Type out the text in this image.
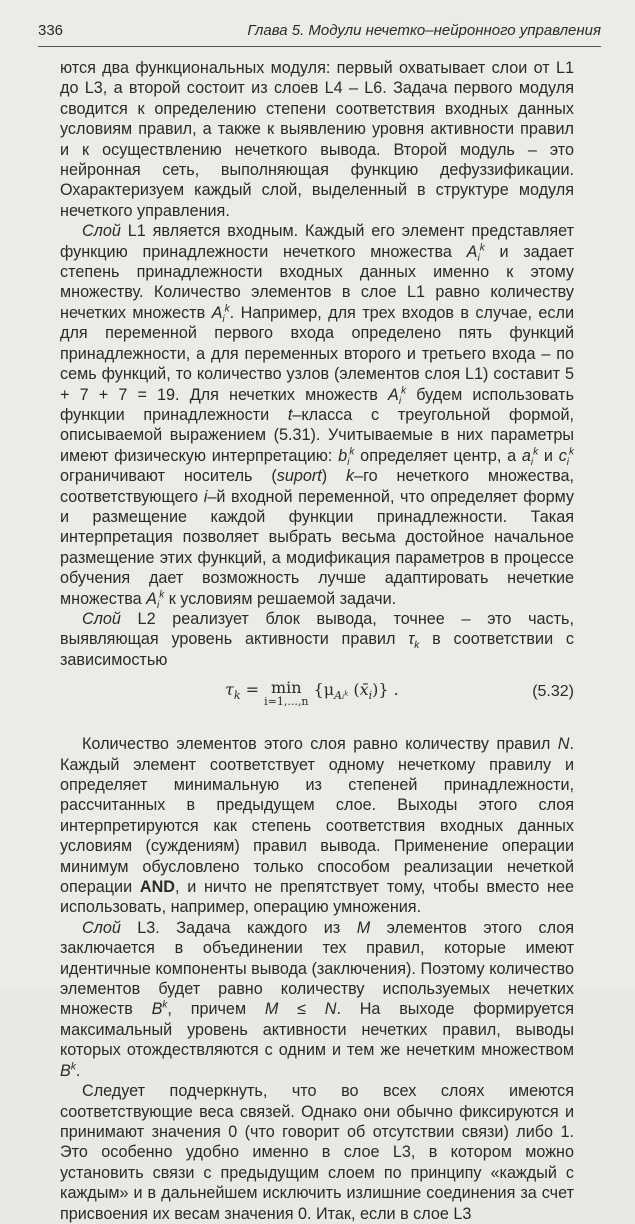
336	Глава 5. Модули нечетко–нейронного управления

ются два функциональных модуля: первый охватывает слои от L1 до L3, а второй состоит из слоев L4 – L6. Задача первого модуля сводится к определению степени соответствия входных данных условиям правил, а также к выявлению уровня активности правил и к осуществлению нечеткого вывода. Второй модуль – это нейронная сеть, выполняющая функцию дефуззификации. Охарактеризуем каждый слой, выделенный в структуре модуля нечеткого управления.

Слой L1 является входным. Каждый его элемент представляет функцию принадлежности нечеткого множества $A_i^k$ и задает степень принадлежности входных данных именно к этому множеству. Количество элементов в слое L1 равно количеству нечетких множеств $A_i^k$. Например, для трех входов в случае, если для переменной первого входа определено пять функций принадлежности, а для переменных второго и третьего входа – по семь функций, то количество узлов (элементов слоя L1) составит 5 + 7 + 7 = 19. Для нечетких множеств $A_i^k$ будем использовать функции принадлежности t–класса с треугольной формой, описываемой выражением (5.31). Учитываемые в них параметры имеют физическую интерпретацию: $b_i^k$ определяет центр, а $a_i^k$ и $c_i^k$ ограничивают носитель (suport) k–го нечеткого множества, соответствующего i–й входной переменной, что определяет форму и размещение каждой функции принадлежности. Такая интерпретация позволяет выбрать весьма достойное начальное размещение этих функций, а модификация параметров в процессе обучения дает возможность лучше адаптировать нечеткие множества $A_i^k$ к условиям решаемой задачи.

Слой L2 реализует блок вывода, точнее – это часть, выявляющая уровень активности правил $\tau_k$ в соответствии с зависимостью

$\tau_k = \min$
i=1,...,n
{$\mu_{Aᵢᵏ}$ $(x̄_i)$} .	(5.32)

Количество элементов этого слоя равно количеству правил N. Каждый элемент соответствует одному нечеткому правилу и определяет минимальную из степеней принадлежности, рассчитанных в предыдущем слое. Выходы этого слоя интерпретируются как степень соответствия входных данных условиям (суждениям) правил вывода. Применение операции минимум обусловлено только способом реализации нечеткой операции AND, и ничто не препятствует тому, чтобы вместо нее использовать, например, операцию умножения.

Слой L3. Задача каждого из M элементов этого слоя заключается в объединении тех правил, которые имеют идентичные компоненты вывода (заключения). Поэтому количество элементов будет равно количеству используемых нечетких множеств $B^k$, причем M ≤ N. На выходе формируется максимальный уровень активности нечетких правил, выводы которых отождествляются с одним и тем же нечетким множеством $B^k$.

Следует подчеркнуть, что во всех слоях имеются соответствующие веса связей. Однако они обычно фиксируются и принимают значения 0 (что говорит об отсутствии связи) либо 1. Это особенно удобно именно в слое L3, в котором можно установить связи с предыдущим слоем по принципу «каждый с каждым» и в дальнейшем исключить излишние соединения за счет присвоения их весам значения 0. Итак, если в слое L3
